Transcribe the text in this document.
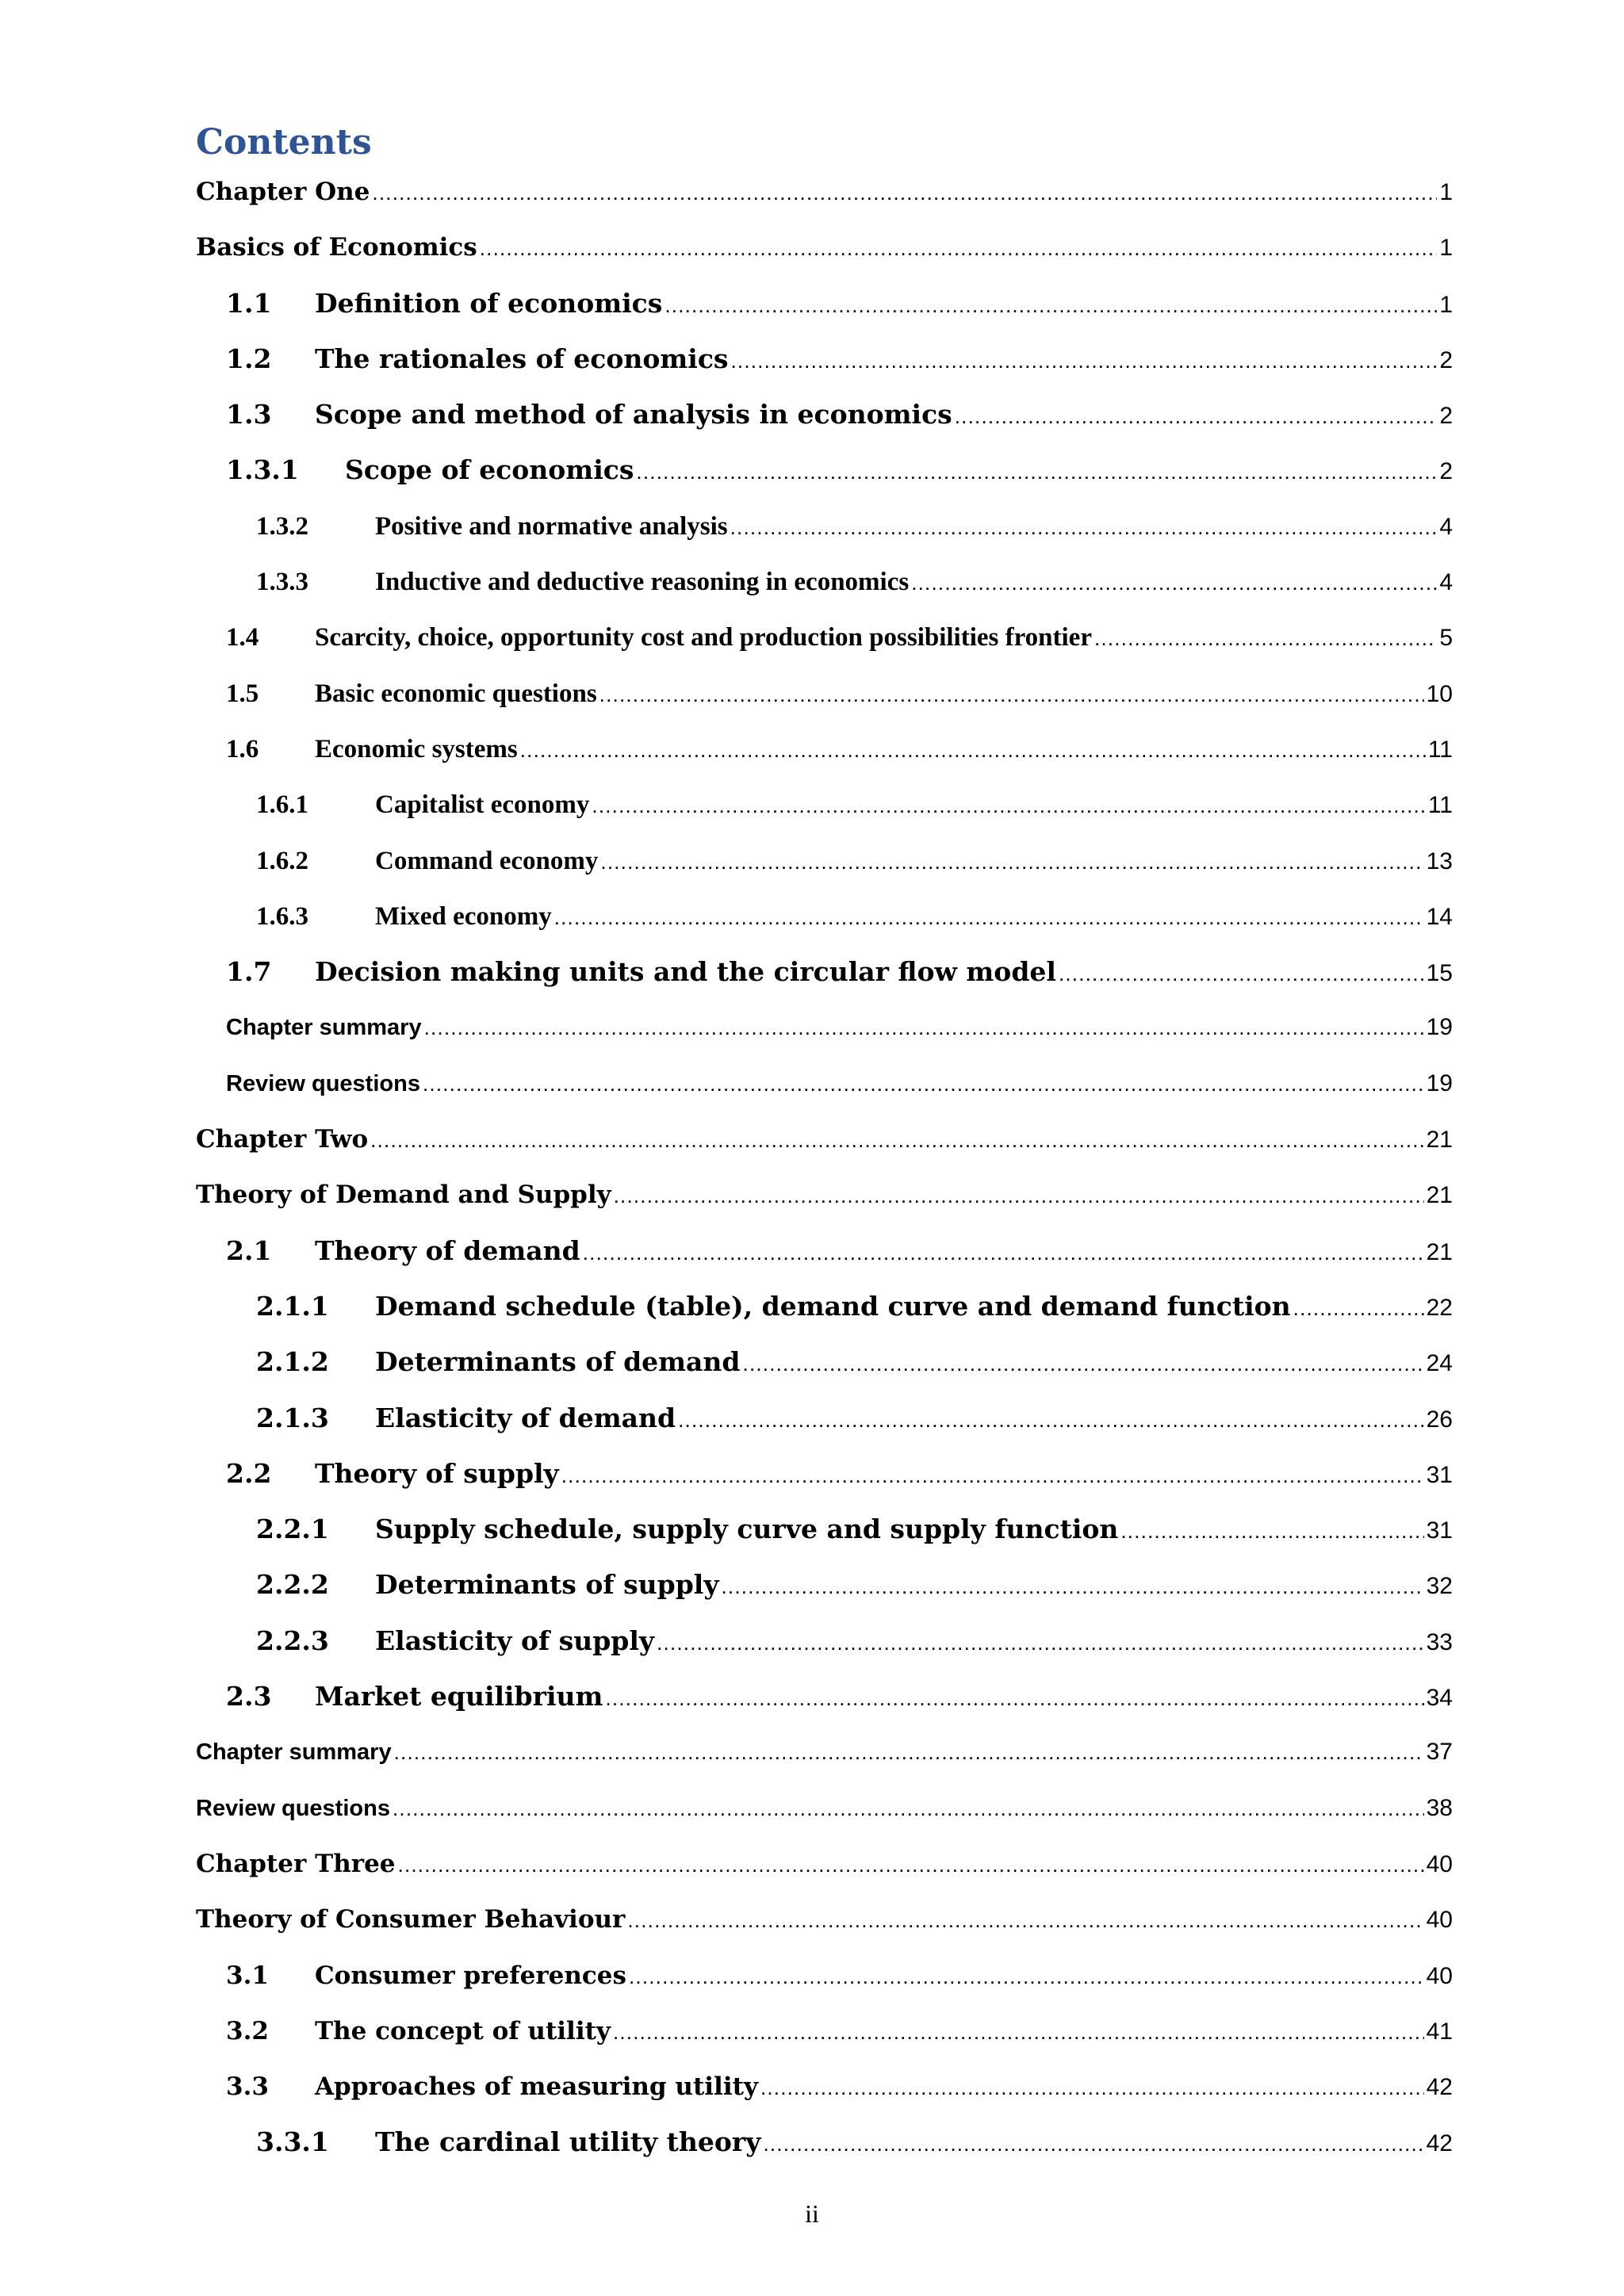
Contents
Chapter One .....	1
Basics of Economics .....	1
1.1	Definition of economics .....	1
1.2	The rationales of economics .....	2
1.3	Scope and method of analysis in economics .....	2
1.3.1	Scope of economics .....	2
1.3.2	Positive and normative analysis .....	4
1.3.3	Inductive and deductive reasoning in economics .....	4
1.4	Scarcity, choice, opportunity cost and production possibilities frontier .....	5
1.5	Basic economic questions .....	10
1.6	Economic systems .....	11
1.6.1	Capitalist economy .....	11
1.6.2	Command economy .....	13
1.6.3	Mixed economy .....	14
1.7	Decision making units and the circular flow model .....	15
Chapter summary .....	19
Review questions .....	19
Chapter Two .....	21
Theory of Demand and Supply .....	21
2.1	Theory of demand .....	21
2.1.1	Demand schedule (table), demand curve and demand function .....	22
2.1.2	Determinants of demand .....	24
2.1.3	Elasticity of demand .....	26
2.2	Theory of supply .....	31
2.2.1	Supply schedule, supply curve and supply function .....	31
2.2.2	Determinants of supply .....	32
2.2.3	Elasticity of supply .....	33
2.3	Market equilibrium .....	34
Chapter summary .....	37
Review questions .....	38
Chapter Three .....	40
Theory of Consumer Behaviour .....	40
3.1	Consumer preferences .....	40
3.2	The concept of utility .....	41
3.3	Approaches of measuring utility .....	42
3.3.1	The cardinal utility theory .....	42
ii
